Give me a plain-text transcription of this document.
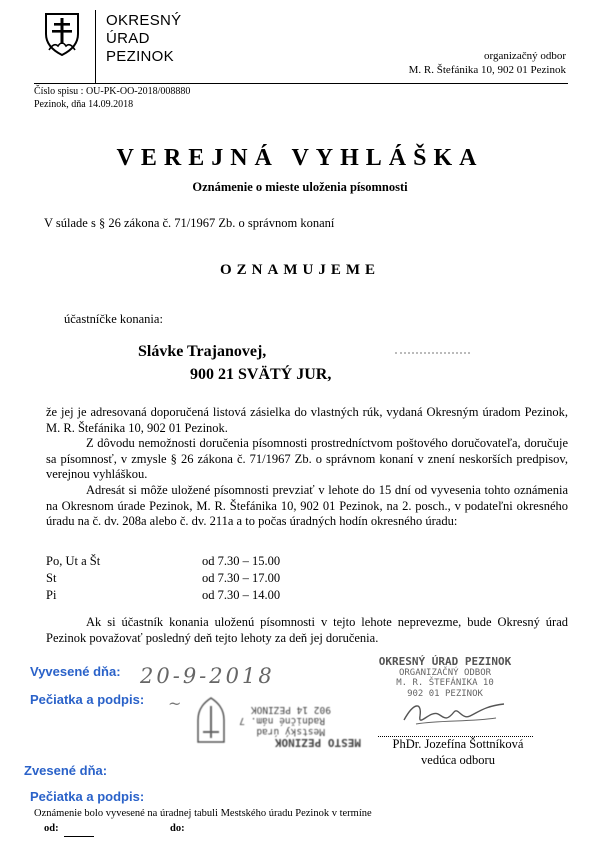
OKRESNÝ
ÚRAD
PEZINOK	organizačný odbor
M. R. Štefánika 10, 902 01 Pezinok
Číslo spisu : OU-PK-OO-2018/008880
Pezinok, dňa 14.09.2018
VEREJNÁ VYHLÁŠKA
Oznámenie o mieste uloženia písomnosti
V súlade s § 26 zákona č. 71/1967 Zb. o správnom konaní
OZNAMUJEME
účastníčke konania:
Slávke Trajanovej,
900 21 SVÄTÝ JUR,

že jej je adresovaná doporučená listová zásielka do vlastných rúk, vydaná Okresným úradom Pezinok, M. R. Štefánika 10, 902 01 Pezinok.

Z dôvodu nemožnosti doručenia písomnosti prostredníctvom poštového doručovateľa, doručuje sa písomnosť, v zmysle § 26 zákona č. 71/1967 Zb. o správnom konaní v znení neskorších predpisov, verejnou vyhláškou.

Adresát si môže uložené písomnosti prevziať v lehote do 15 dní od vyvesenia tohto oznámenia na Okresnom úrade Pezinok, M. R. Štefánika 10, 902 01 Pezinok, na 2. posch., v podateľni okresného úradu na č. dv. 208a alebo č. dv. 211a a to počas úradných hodín okresného úradu:

Po, Ut a Št	od 7.30 – 15.00
St	od 7.30 – 17.00
Pi	od 7.30 – 14.00

Ak si účastník konania uloženú písomnosti v tejto lehote neprevezme, bude Okresný úrad Pezinok považovať posledný deň tejto lehoty za deň jej doručenia.

Vyvesené dňa: 20-9-2018
Pečiatka a podpis:
Zvesené dňa:
Pečiatka a podpis:
Oznámenie bolo vyvesené na úradnej tabuli Mestského úradu Pezinok v termíne
od:	do:
MESTO PEZINOK
Mestský úrad
Radničné nám. 7
902 14 PEZINOK
~
OKRESNÝ ÚRAD PEZINOK
ORGANIZAČNÝ ODBOR
M. R. ŠTEFÁNIKA 10
902 01 PEZINOK
PhDr. Jozefína Šottníková
vedúca odboru
